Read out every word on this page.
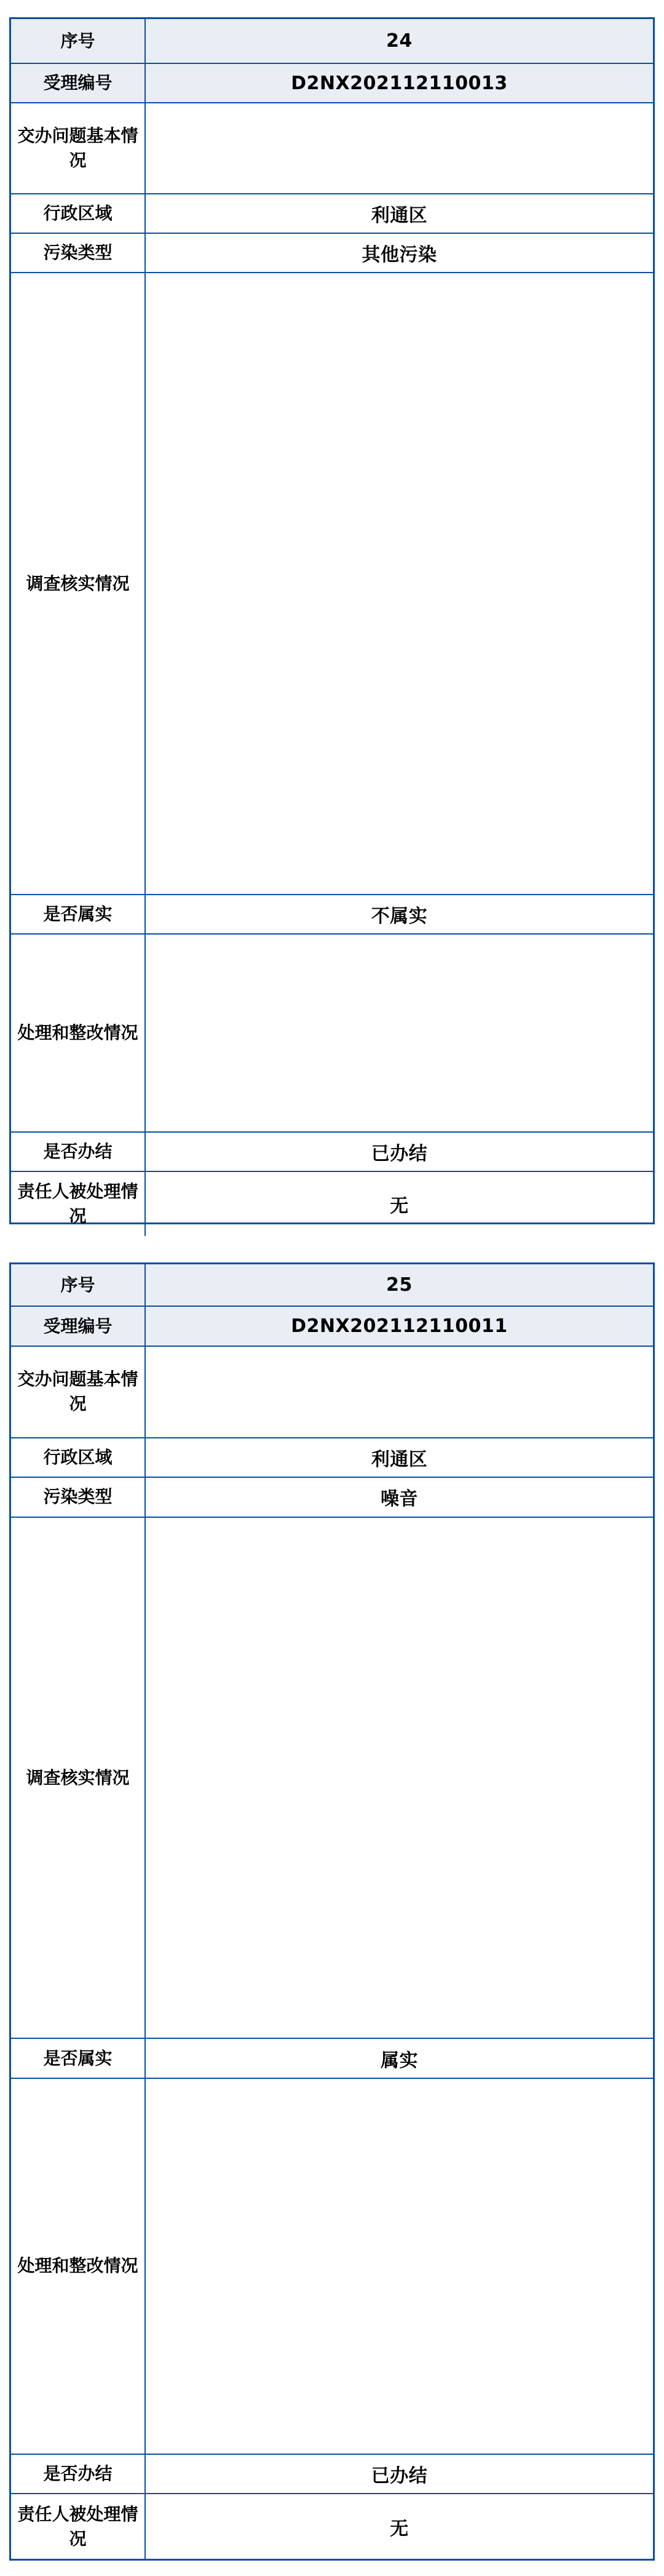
序号	24
受理编号	D2NX202112110013
交办问题基本情况	
行政区域	利通区
污染类型	其他污染
调查核实情况	
是否属实	不属实
处理和整改情况	
是否办结	已办结
责任人被处理情况	无
序号	25
受理编号	D2NX202112110011
交办问题基本情况	
行政区域	利通区
污染类型	噪音
调查核实情况	
是否属实	属实
处理和整改情况	
是否办结	已办结
责任人被处理情况	无
